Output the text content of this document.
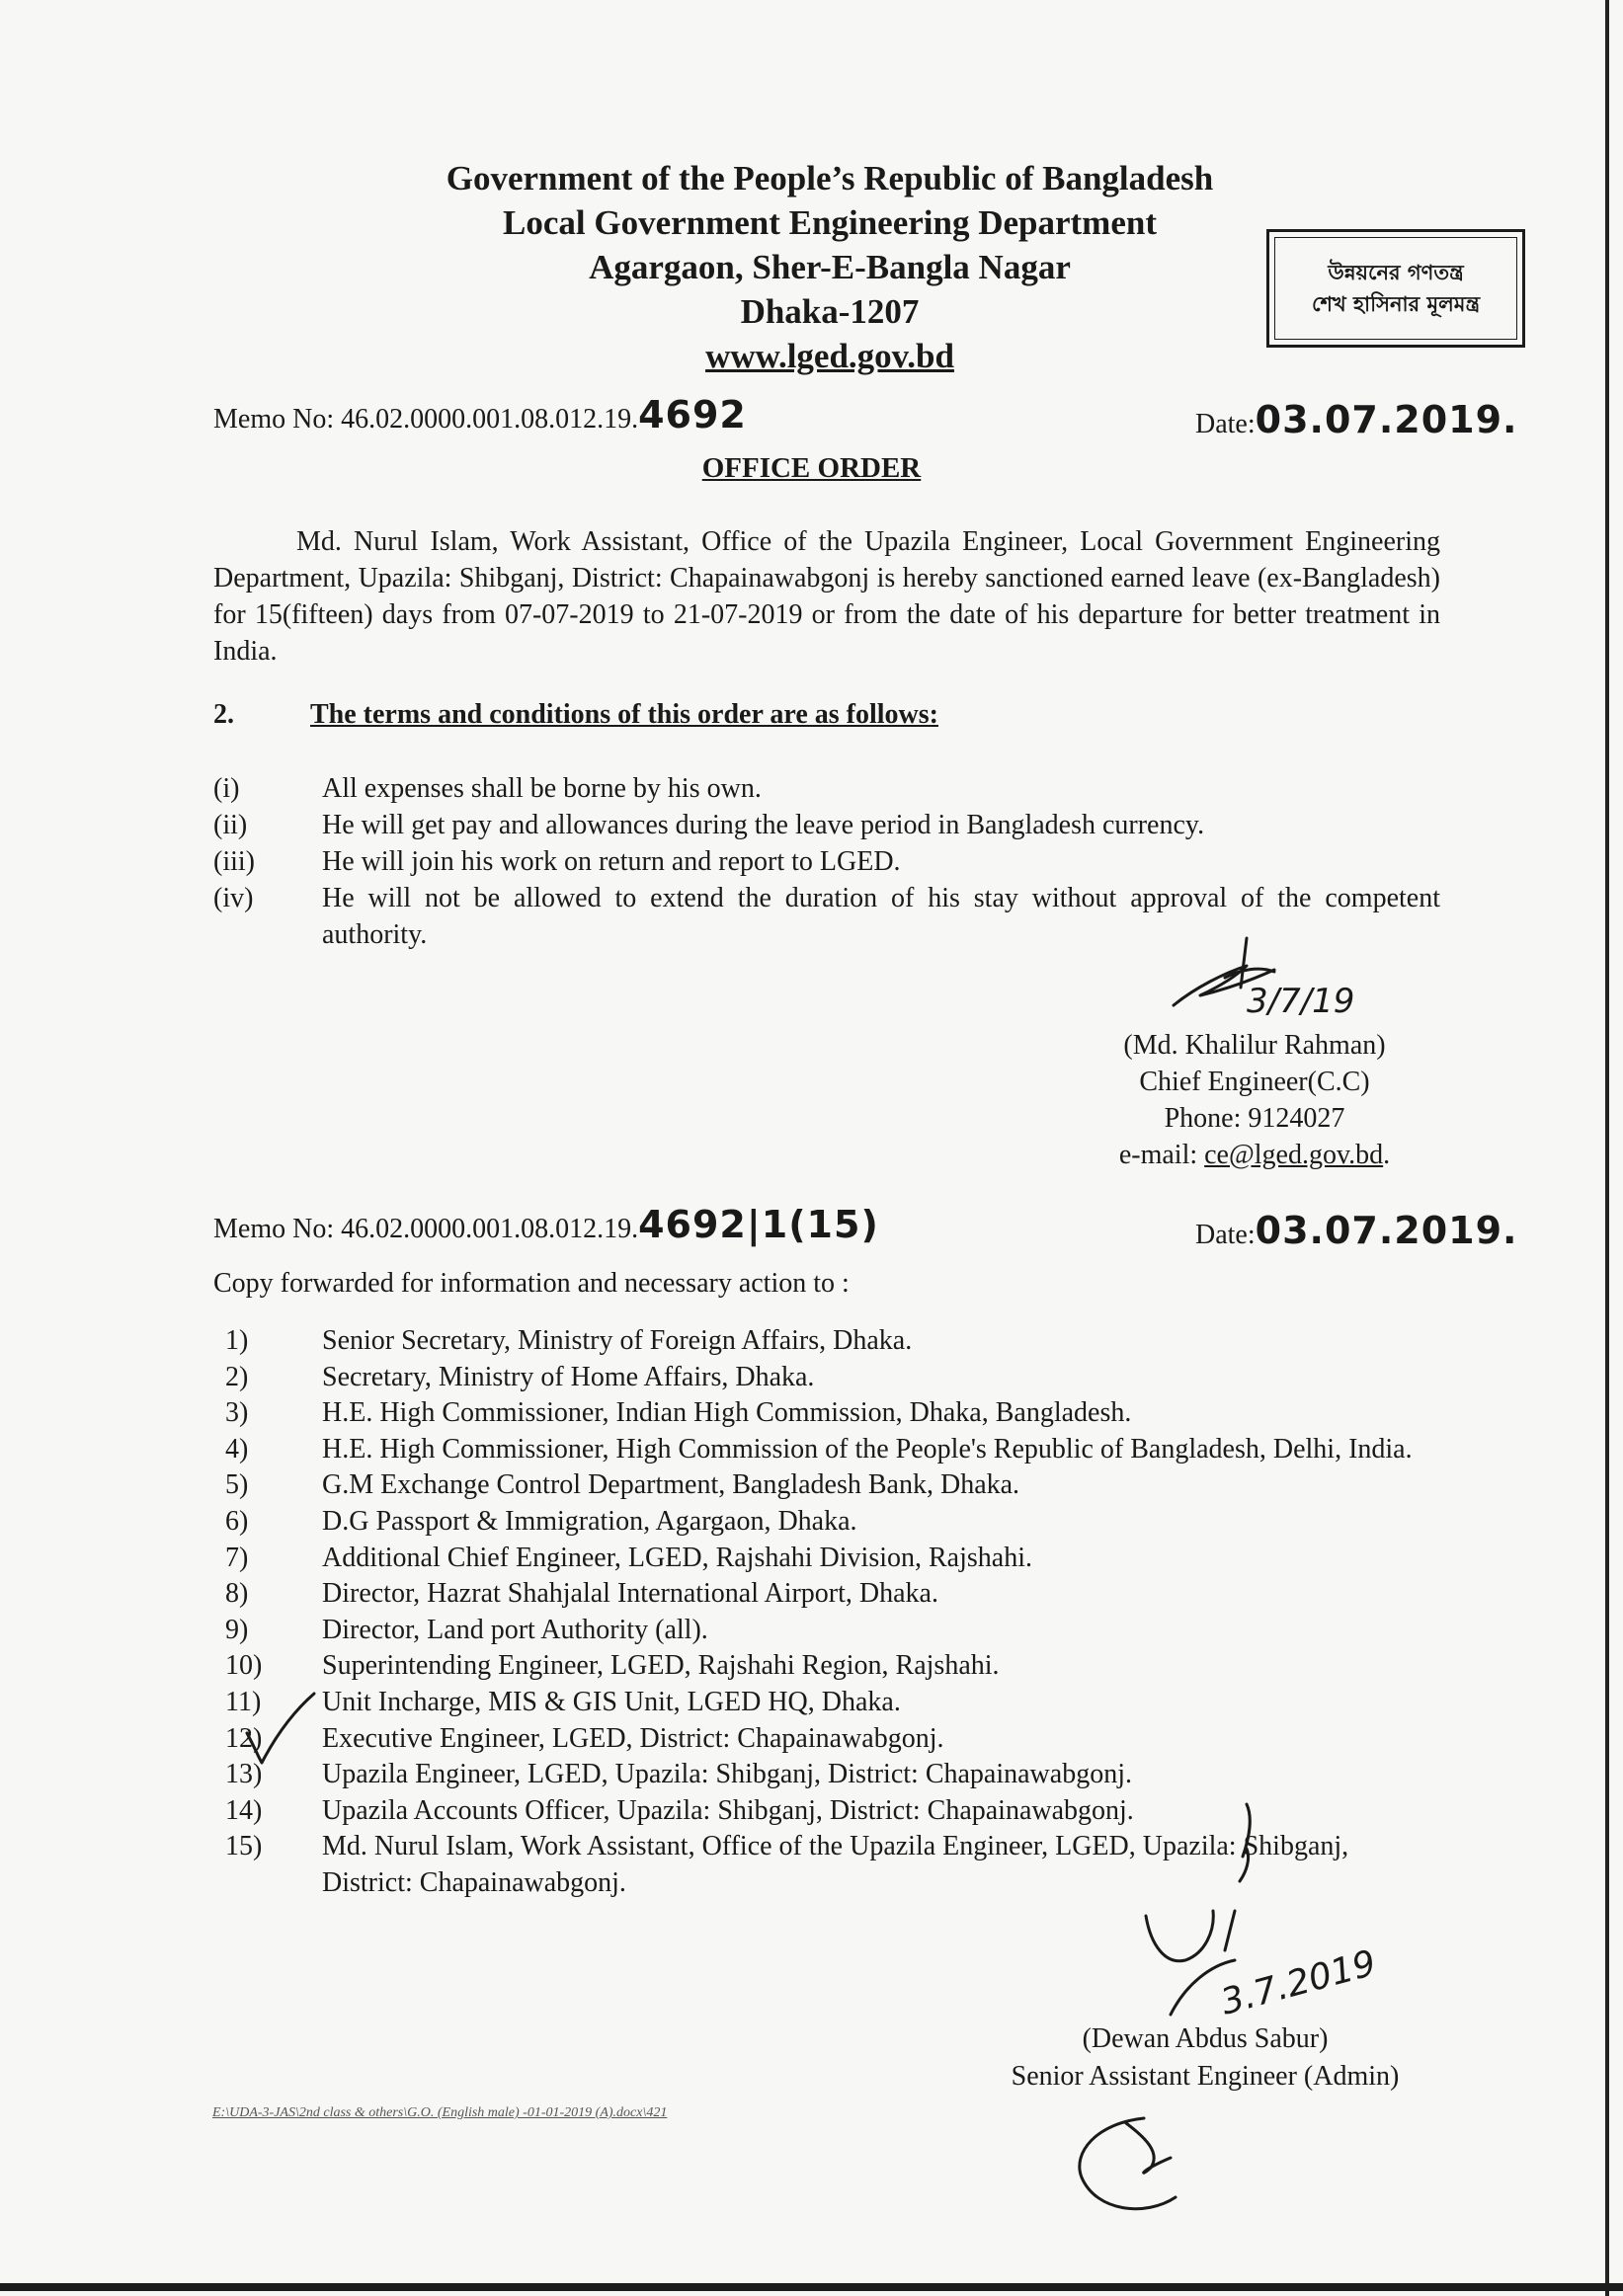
Government of the People’s Republic of Bangladesh
Local Government Engineering Department
Agargaon, Sher-E-Bangla Nagar
Dhaka-1207
www.lged.gov.bd
উন্নয়নের গণতন্ত্র
শেখ হাসিনার মূলমন্ত্র
Memo No: 46.02.0000.001.08.012.19.4692	Date:03.07.2019.
OFFICE ORDER
Md. Nurul Islam, Work Assistant, Office of the Upazila Engineer, Local Government Engineering Department, Upazila: Shibganj, District: Chapainawabgonj is hereby sanctioned earned leave (ex-Bangladesh) for 15(fifteen) days from 07-07-2019 to 21-07-2019 or from the date of his departure for better treatment in India.
2.	The terms and conditions of this order are as follows:
(i)	All expenses shall be borne by his own.
(ii)	He will get pay and allowances during the leave period in Bangladesh currency.
(iii)	He will join his work on return and report to LGED.
(iv)	He will not be allowed to extend the duration of his stay without approval of the competent authority.
(Md. Khalilur Rahman)
Chief Engineer(C.C)
Phone: 9124027
e-mail: ce@lged.gov.bd.
Memo No: 46.02.0000.001.08.012.19.4692|1(15)	Date:03.07.2019.
Copy forwarded for information and necessary action to :
1)	Senior Secretary, Ministry of Foreign Affairs, Dhaka.
2)	Secretary, Ministry of Home Affairs, Dhaka.
3)	H.E. High Commissioner, Indian High Commission, Dhaka, Bangladesh.
4)	H.E. High Commissioner, High Commission of the People's Republic of Bangladesh, Delhi, India.
5)	G.M Exchange Control Department, Bangladesh Bank, Dhaka.
6)	D.G Passport & Immigration, Agargaon, Dhaka.
7)	Additional Chief Engineer, LGED, Rajshahi Division, Rajshahi.
8)	Director, Hazrat Shahjalal International Airport, Dhaka.
9)	Director, Land port Authority (all).
10)	Superintending Engineer, LGED, Rajshahi Region, Rajshahi.
11)	Unit Incharge, MIS & GIS Unit, LGED HQ, Dhaka.
12)	Executive Engineer, LGED, District: Chapainawabgonj.
13)	Upazila Engineer, LGED, Upazila: Shibganj, District: Chapainawabgonj.
14)	Upazila Accounts Officer, Upazila: Shibganj, District: Chapainawabgonj.
15)	Md. Nurul Islam, Work Assistant, Office of the Upazila Engineer, LGED, Upazila: Shibganj, District: Chapainawabgonj.
(Dewan Abdus Sabur)
Senior Assistant Engineer (Admin)
E:\UDA-3-JAS\2nd class & others\G.O. (English male) -01-01-2019 (A).docx\421
3/7/19
3.7.2019
